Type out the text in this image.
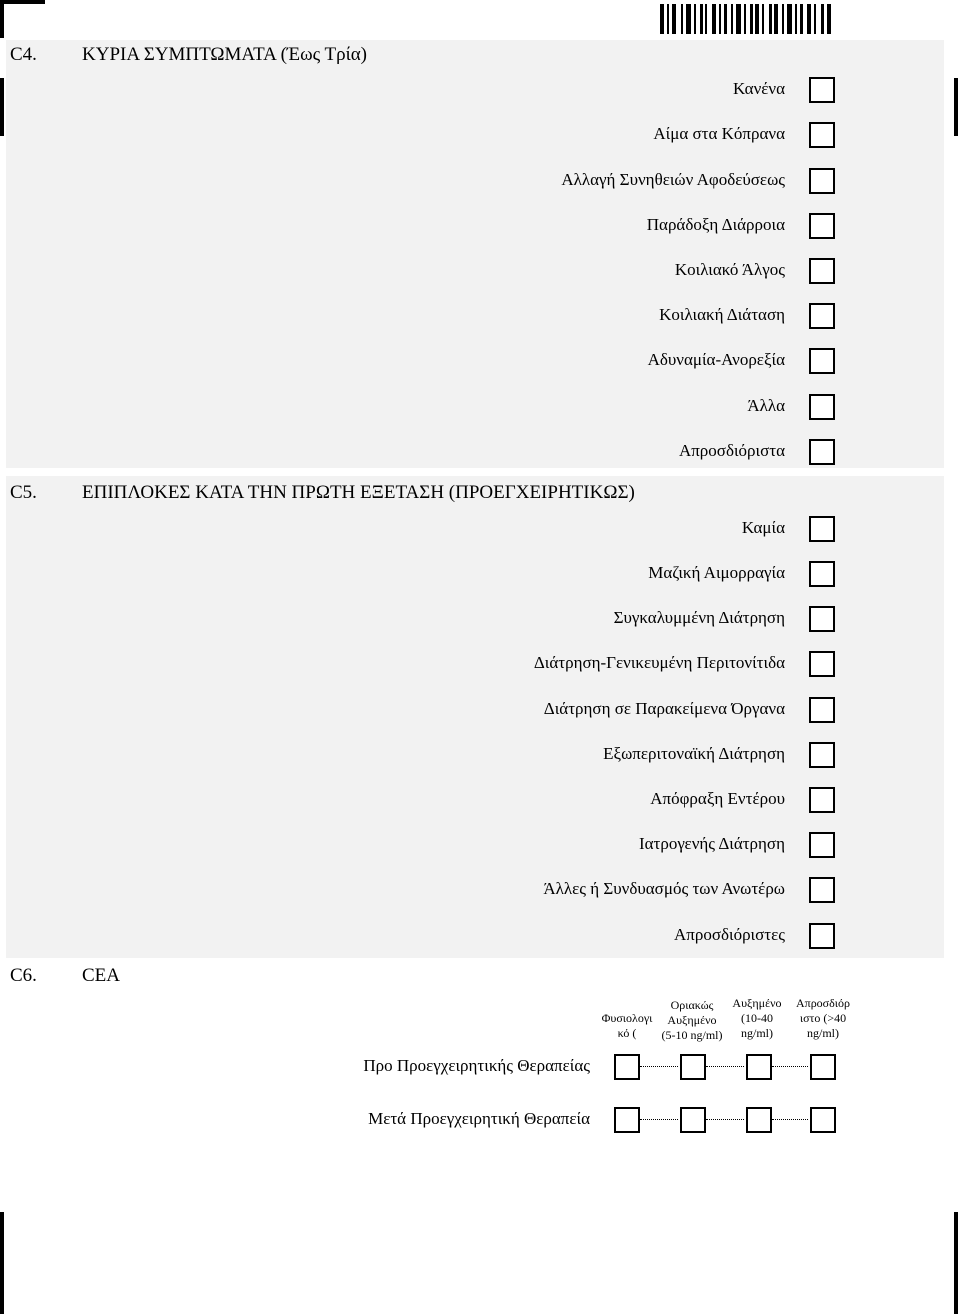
C4. ΚΥΡΙΑ ΣΥΜΠΤΩΜΑΤΑ (Έως Τρία)
Κανένα
Αίμα στα Κόπρανα
Αλλαγή Συνηθειών Αφοδεύσεως
Παράδοξη Διάρροια
Κοιλιακό Άλγος
Κοιλιακή Διάταση
Αδυναμία-Ανορεξία
Άλλα
Απροσδιόριστα
C5. ΕΠΙΠΛΟΚΕΣ ΚΑΤΑ ΤΗΝ ΠΡΩΤΗ ΕΞΕΤΑΣΗ (ΠΡΟΕΓΧΕΙΡΗΤΙΚΩΣ)
Καμία
Μαζική Αιμορραγία
Συγκαλυμμένη Διάτρηση
Διάτρηση-Γενικευμένη Περιτονίτιδα
Διάτρηση σε Παρακείμενα Όργανα
Εξωπεριτοναϊκή Διάτρηση
Απόφραξη Εντέρου
Ιατρογενής Διάτρηση
Άλλες ή Συνδυασμός των Ανωτέρω
Απροσδιόριστες
C6. CEA
Φυσιολογι
κό (
Οριακώς
Αυξημένο
(5-10 ng/ml)
Αυξημένο
(10-40
ng/ml)
Απροσδιόρ
ιστο (>40
ng/ml)
Προ Προεγχειρητικής Θεραπείας
Μετά Προεγχειρητική Θεραπεία
